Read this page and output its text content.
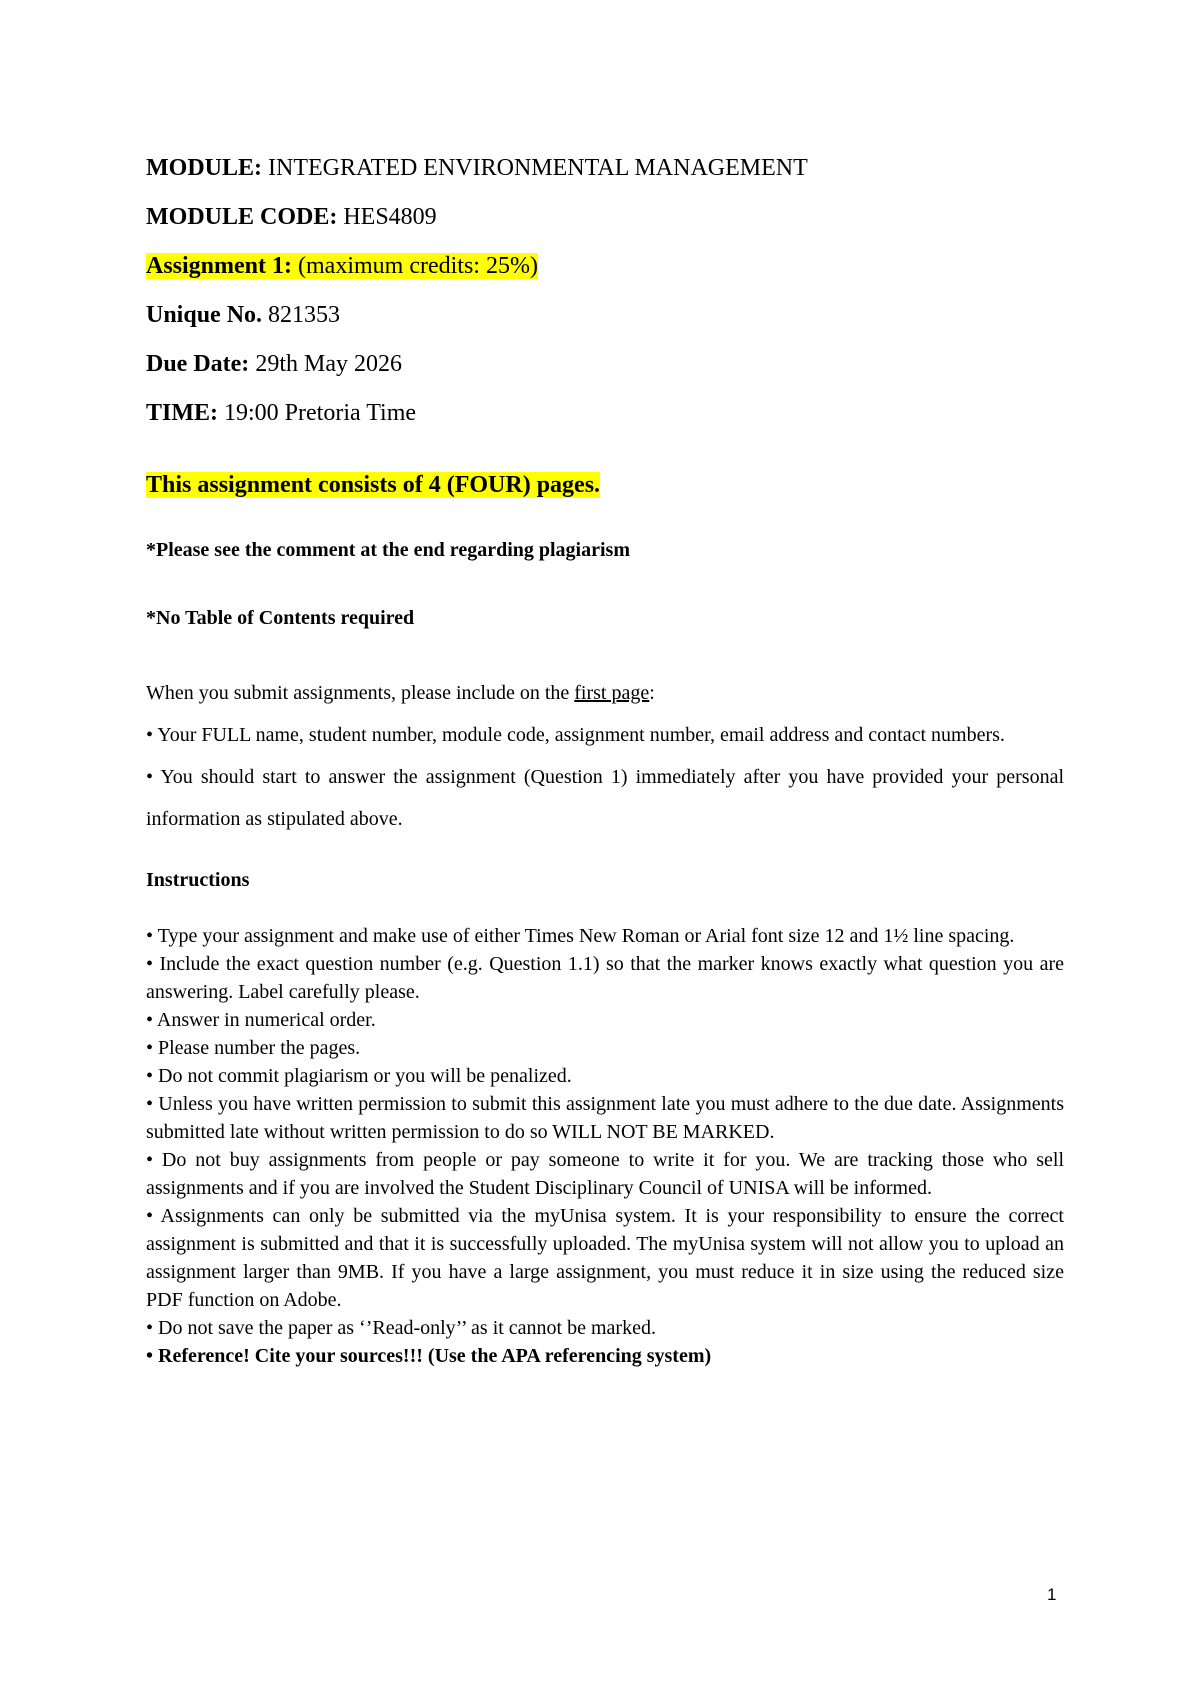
MODULE: INTEGRATED ENVIRONMENTAL MANAGEMENT
MODULE CODE: HES4809
Assignment 1: (maximum credits: 25%)
Unique No. 821353
Due Date: 29th May 2026
TIME: 19:00 Pretoria Time
This assignment consists of 4 (FOUR) pages.
*Please see the comment at the end regarding plagiarism
*No Table of Contents required

When you submit assignments, please include on the first page:

• Your FULL name, student number, module code, assignment number, email address and contact numbers.

• You should start to answer the assignment (Question 1) immediately after you have provided your personal information as stipulated above.

Instructions

• Type your assignment and make use of either Times New Roman or Arial font size 12 and 1½ line spacing.

• Include the exact question number (e.g. Question 1.1) so that the marker knows exactly what question you are answering. Label carefully please.

• Answer in numerical order.

• Please number the pages.

• Do not commit plagiarism or you will be penalized.

• Unless you have written permission to submit this assignment late you must adhere to the due date. Assignments submitted late without written permission to do so WILL NOT BE MARKED.

• Do not buy assignments from people or pay someone to write it for you. We are tracking those who sell assignments and if you are involved the Student Disciplinary Council of UNISA will be informed.

• Assignments can only be submitted via the myUnisa system. It is your responsibility to ensure the correct assignment is submitted and that it is successfully uploaded. The myUnisa system will not allow you to upload an assignment larger than 9MB. If you have a large assignment, you must reduce it in size using the reduced size PDF function on Adobe.

• Do not save the paper as ‘’Read-only’’ as it cannot be marked.

• Reference! Cite your sources!!! (Use the APA referencing system)

1
